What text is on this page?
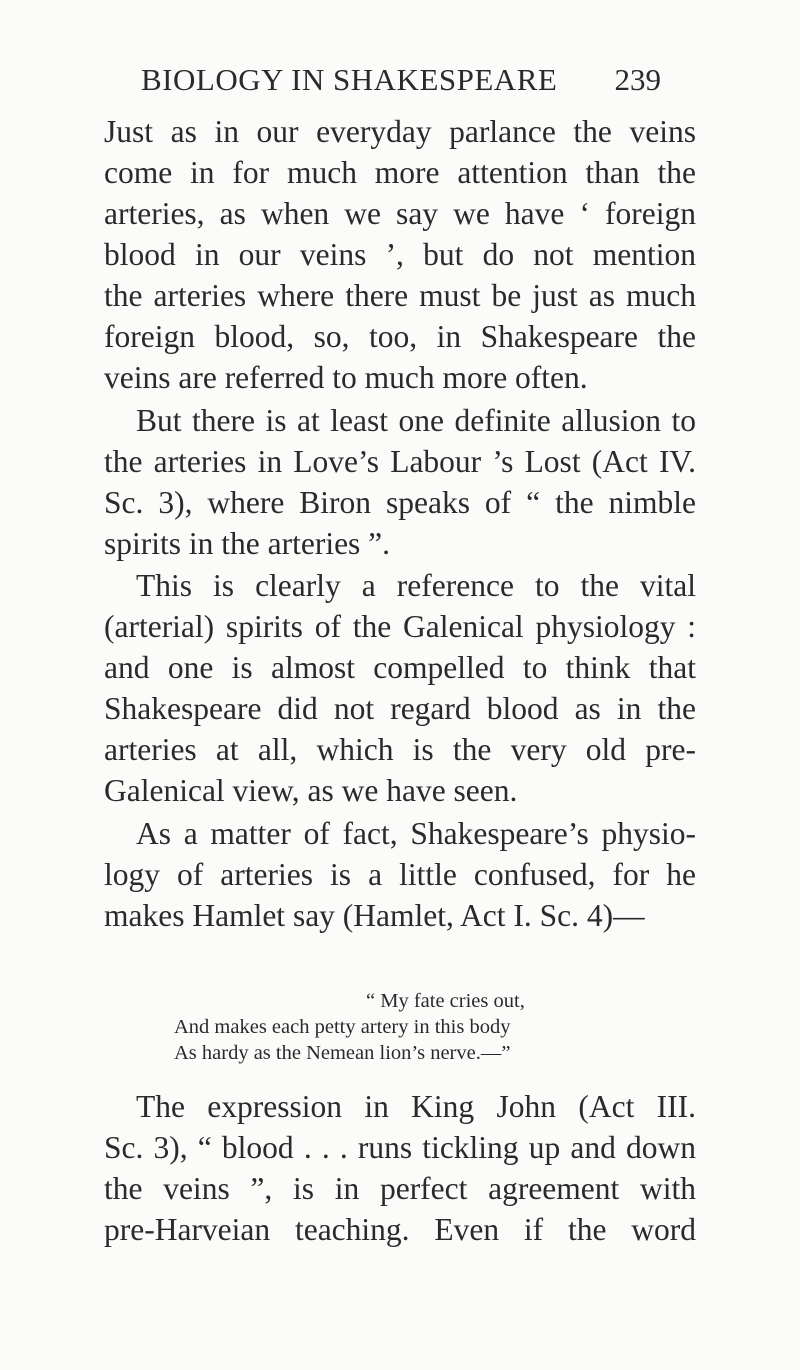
BIOLOGY IN SHAKESPEARE 239
Just as in our everyday parlance the veins
come in for much more attention than the
arteries, as when we say we have ‘ foreign
blood in our veins ’, but do not mention
the arteries where there must be just as much
foreign blood, so, too, in Shakespeare the
veins are referred to much more often.
But there is at least one definite allusion to
the arteries in Love’s Labour ’s Lost (Act IV.
Sc. 3), where Biron speaks of “ the nimble
spirits in the arteries ”.
This is clearly a reference to the vital
(arterial) spirits of the Galenical physiology :
and one is almost compelled to think that
Shakespeare did not regard blood as in the
arteries at all, which is the very old pre-
Galenical view, as we have seen.
As a matter of fact, Shakespeare’s physio-
logy of arteries is a little confused, for he
makes Hamlet say (Hamlet, Act I. Sc. 4)—
The expression in King John (Act III.
Sc. 3), “ blood . . . runs tickling up and down
the veins ”, is in perfect agreement with
pre-Harveian teaching. Even if the word
“ My fate cries out,
And makes each petty artery in this body
As hardy as the Nemean lion’s nerve.—”
